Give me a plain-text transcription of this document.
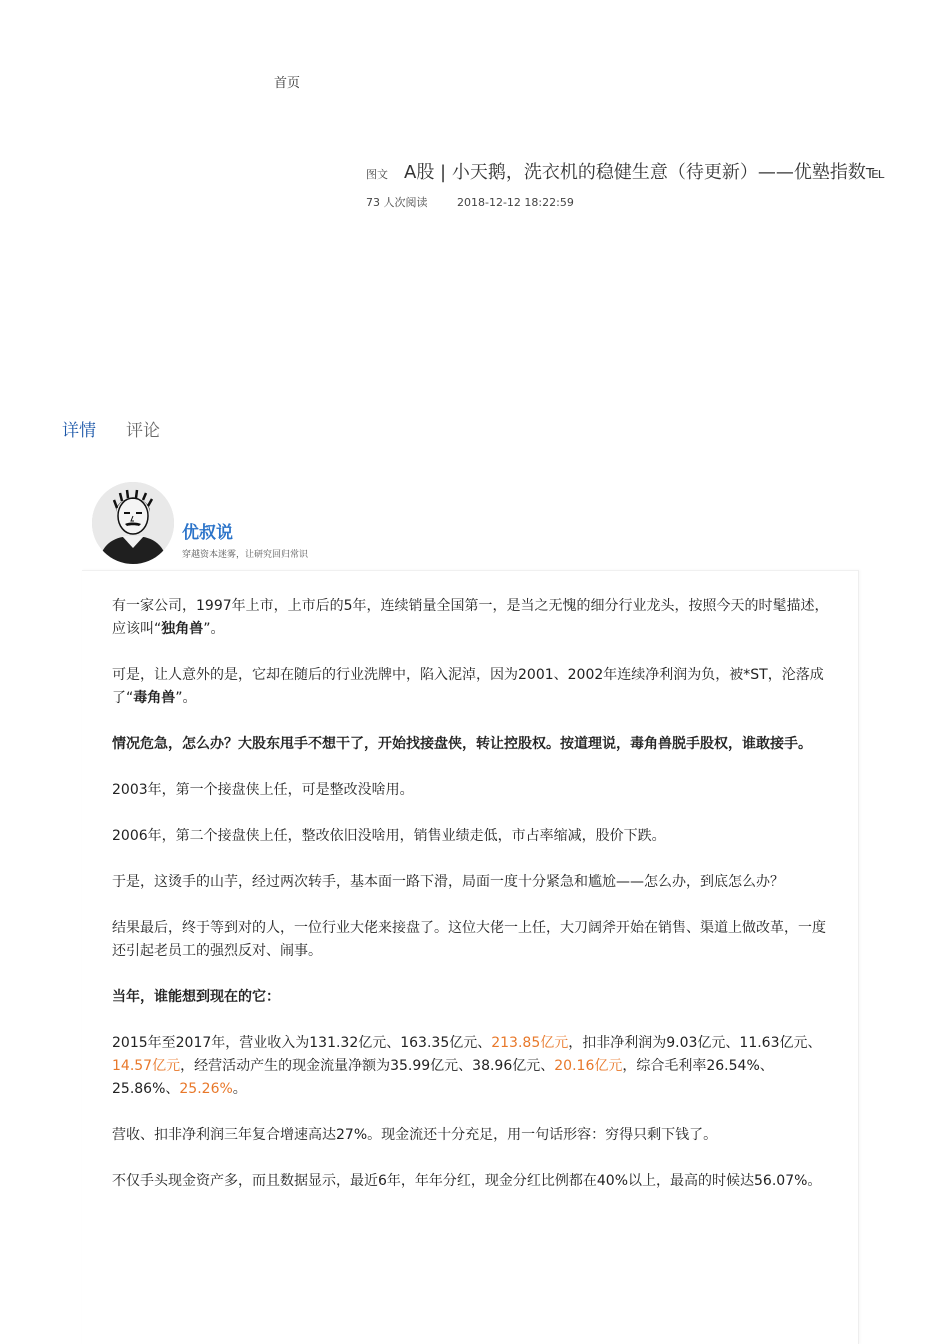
首页
图文 A股 | 小天鹅，洗衣机的稳健生意（待更新）——优塾指数℡
73 人次阅读	2018-12-12 18:22:59
详情 评论
优叔说
穿越资本迷雾，让研究回归常识

有一家公司，1997年上市，上市后的5年，连续销量全国第一，是当之无愧的细分行业龙头，按照今天的时髦描述，应该叫“独角兽”。

可是，让人意外的是，它却在随后的行业洗牌中，陷入泥淖，因为2001、2002年连续净利润为负，被*ST，沦落成了“毒角兽”。

情况危急，怎么办？大股东甩手不想干了，开始找接盘侠，转让控股权。按道理说，毒角兽脱手股权，谁敢接手。

2003年，第一个接盘侠上任，可是整改没啥用。

2006年，第二个接盘侠上任，整改依旧没啥用，销售业绩走低，市占率缩减，股价下跌。

于是，这烫手的山芋，经过两次转手，基本面一路下滑，局面一度十分紧急和尴尬——怎么办，到底怎么办？

结果最后，终于等到对的人，一位行业大佬来接盘了。这位大佬一上任，大刀阔斧开始在销售、渠道上做改革，一度还引起老员工的强烈反对、闹事。

当年，谁能想到现在的它：

2015年至2017年，营业收入为131.32亿元、163.35亿元、213.85亿元，扣非净利润为9.03亿元、11.63亿元、14.57亿元，经营活动产生的现金流量净额为35.99亿元、38.96亿元、20.16亿元，综合毛利率26.54%、25.86%、25.26%。

营收、扣非净利润三年复合增速高达27%。现金流还十分充足，用一句话形容：穷得只剩下钱了。

不仅手头现金资产多，而且数据显示，最近6年，年年分红，现金分红比例都在40%以上，最高的时候达56.07%。
